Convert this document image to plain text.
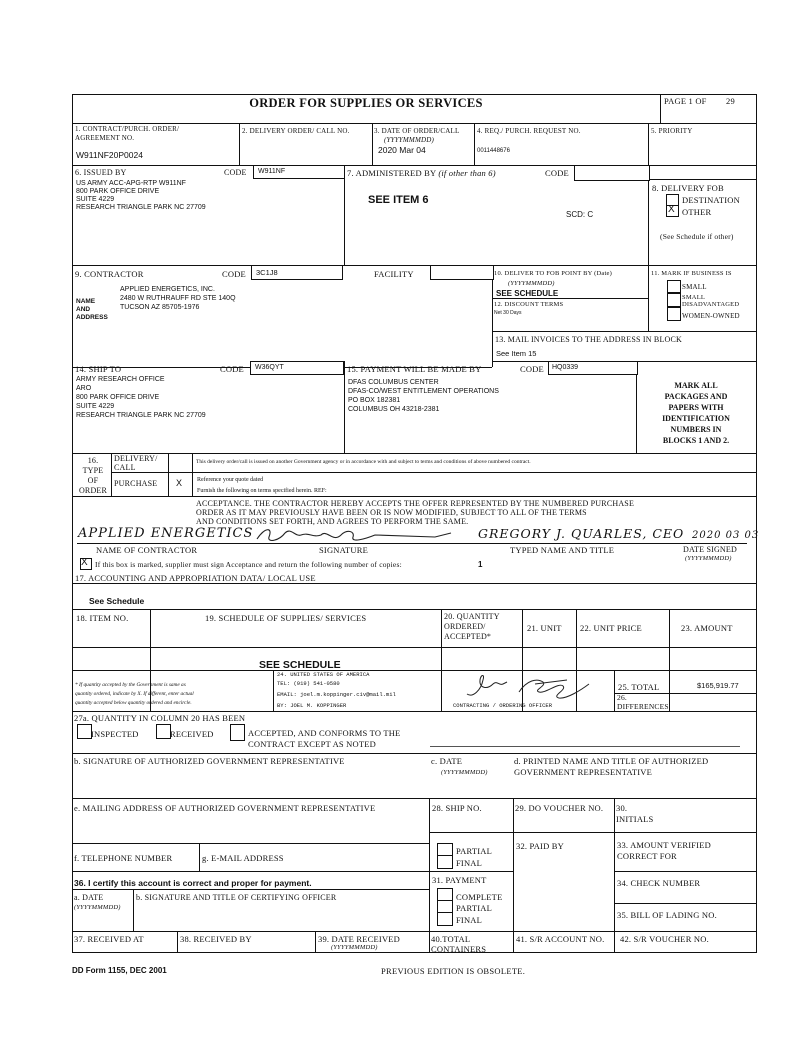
ORDER FOR SUPPLIES OR SERVICES	PAGE 1 OF 29
1. CONTRACT/PURCH. ORDER/
AGREEMENT NO.
W911NF20P0024
2. DELIVERY ORDER/ CALL NO.	3. DATE OF ORDER/CALL
(YYYYMMMDD)
2020 Mar 04
4. REQ./ PURCH. REQUEST NO.
0011448676
5. PRIORITY
6. ISSUED BY	CODE W911NF
US ARMY ACC-APG-RTP W911NF
800 PARK OFFICE DRIVE
SUITE 4229
RESEARCH TRIANGLE PARK NC 27709
7. ADMINISTERED BY (if other than 6)	CODE
SEE ITEM 6
SCD: C
8. DELIVERY FOB
DESTINATION
X OTHER
(See Schedule if other)
9. CONTRACTOR	CODE 3C1J8	FACILITY
NAME
AND
ADDRESS
APPLIED ENERGETICS, INC.
2480 W RUTHRAUFF RD STE 140Q
TUCSON AZ 85705-1976
10. DELIVER TO FOB POINT BY (Date)
(YYYYMMMDD)
SEE SCHEDULE
12. DISCOUNT TERMS
Net 30 Days
11. MARK IF BUSINESS IS
SMALL
SMALL
DISADVANTAGED
WOMEN-OWNED
13. MAIL INVOICES TO THE ADDRESS IN BLOCK
See Item 15
14. SHIP TO	CODE W36QYT
ARMY RESEARCH OFFICE
ARO
800 PARK OFFICE DRIVE
SUITE 4229
RESEARCH TRIANGLE PARK NC 27709
15. PAYMENT WILL BE MADE BY	CODE HQ0339
DFAS COLUMBUS CENTER
DFAS-CO/WEST ENTITLEMENT OPERATIONS
PO BOX 182381
COLUMBUS OH 43218-2381
MARK ALL
PACKAGES AND
PAPERS WITH
IDENTIFICATION
NUMBERS IN
BLOCKS 1 AND 2.
16.
TYPE
OF
ORDER
DELIVERY/
CALL
This delivery order/call is issued on another Government agency or in accordance with and subject to terms and conditions of above numbered contract.
PURCHASE X Reference your quote dated
Furnish the following on terms specified herein. REF:
ACCEPTANCE. THE CONTRACTOR HEREBY ACCEPTS THE OFFER REPRESENTED BY THE NUMBERED PURCHASE
ORDER AS IT MAY PREVIOUSLY HAVE BEEN OR IS NOW MODIFIED, SUBJECT TO ALL OF THE TERMS
AND CONDITIONS SET FORTH, AND AGREES TO PERFORM THE SAME.
APPLIED ENERGETICS	GREGORY J. QUARLES, CEO 2020 03 03
NAME OF CONTRACTOR	SIGNATURE	TYPED NAME AND TITLE	DATE SIGNED
(YYYYMMMDD)
X If this box is marked, supplier must sign Acceptance and return the following number of copies:	1
17. ACCOUNTING AND APPROPRIATION DATA/ LOCAL USE
See Schedule
18. ITEM NO.	19. SCHEDULE OF SUPPLIES/ SERVICES	20. QUANTITY
ORDERED/
ACCEPTED*
21. UNIT 22. UNIT PRICE	23. AMOUNT
SEE SCHEDULE
* If quantity accepted by the Government is same as
quantity ordered, indicate by X. If different, enter actual
quantity accepted below quantity ordered and encircle.
24. UNITED STATES OF AMERICA
TEL: (919) 541-0580
EMAIL: joel.m.koppinger.civ@mail.mil
BY: JOEL M. KOPPINGER	CONTRACTING / ORDERING OFFICER
25. TOTAL	$165,919.77
26.
DIFFERENCES
27a. QUANTITY IN COLUMN 20 HAS BEEN
INSPECTED	RECEIVED	ACCEPTED, AND CONFORMS TO THE
CONTRACT EXCEPT AS NOTED
b. SIGNATURE OF AUTHORIZED GOVERNMENT REPRESENTATIVE	c. DATE
(YYYYMMMDD)
d. PRINTED NAME AND TITLE OF AUTHORIZED
GOVERNMENT REPRESENTATIVE
e. MAILING ADDRESS OF AUTHORIZED GOVERNMENT REPRESENTATIVE
f. TELEPHONE NUMBER	g. E-MAIL ADDRESS
28. SHIP NO.
PARTIAL
FINAL
29. DO VOUCHER NO. 30.
INITIALS
32. PAID BY	33. AMOUNT VERIFIED
CORRECT FOR
31. PAYMENT
COMPLETE
PARTIAL
FINAL
34. CHECK NUMBER
35. BILL OF LADING NO.
36. I certify this account is correct and proper for payment.
a. DATE
(YYYYMMMDD)
b. SIGNATURE AND TITLE OF CERTIFYING OFFICER
37. RECEIVED AT	38. RECEIVED BY	39. DATE RECEIVED
(YYYYMMMDD)
40.TOTAL
CONTAINERS
41. S/R ACCOUNT NO. 42. S/R VOUCHER NO.
DD Form 1155, DEC 2001	PREVIOUS EDITION IS OBSOLETE.
